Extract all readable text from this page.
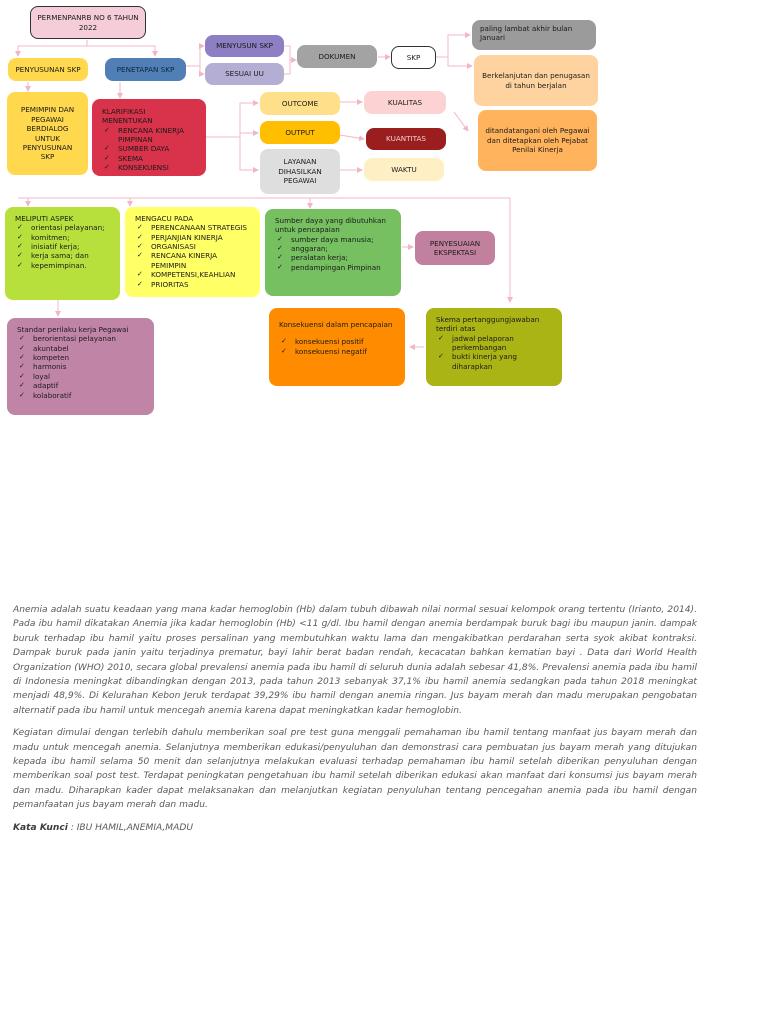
PERMENPANRB NO 6 TAHUN 2022
PENYUSUNAN SKP	PENETAPAN SKP
MENYUSUN SKP
SESUAI UU
DOKUMEN	SKP
paling lambat akhir bulan Januari
Berkelanjutan dan penugasan di tahun berjalan
PEMIMPIN DAN PEGAWAI BERDIALOG UNTUK PENYUSUNAN SKP
KLARIFIKASI MENENTUKAN
✓ RENCANA KINERJA PIMPINAN
✓ SUMBER DAYA
✓ SKEMA
✓ KONSEKUENSI
OUTCOME
OUTPUT
LAYANAN DIHASILKAN PEGAWAI
KUALITAS
KUANTITAS
WAKTU
ditandatangani oleh Pegawai dan ditetapkan oleh Pejabat Penilai Kinerja
MELIPUTI ASPEK
✓ orientasi pelayanan;
✓ komitmen;
✓ inisiatif kerja;
✓ kerja sama; dan
✓ kepemimpinan.
MENGACU PADA
✓ PERENCANAAN STRATEGIS
✓ PERJANJIAN KINERJA
✓ ORGANISASI
✓ RENCANA KINERJA PEMIMPIN
✓ KOMPETENSI,KEAHLIAN
✓ PRIORITAS
Sumber daya yang dibutuhkan untuk pencapaian
✓ sumber daya manusia;
✓ anggaran;
✓ peralatan kerja;
✓ pendampingan Pimpinan
PENYESUAIAN EKSPEKTASI
Standar perilaku kerja Pegawai
✓ berorientasi pelayanan
✓ akuntabel
✓ kompeten
✓ harmonis
✓ loyal
✓ adaptif
✓ kolaboratif
Konsekuensi dalam pencapaian
✓ konsekuensi positif
✓ konsekuensi negatif
Skema pertanggungjawaban terdiri atas
✓ jadwal pelaporan perkembangan
✓ bukti kinerja yang diharapkan

Anemia adalah suatu keadaan yang mana kadar hemoglobin (Hb) dalam tubuh dibawah nilai normal sesuai kelompok orang tertentu (Irianto, 2014). Pada ibu hamil dikatakan Anemia jika kadar hemoglobin (Hb) <11 g/dl. Ibu hamil dengan anemia berdampak buruk bagi ibu maupun janin. dampak buruk terhadap ibu hamil yaitu proses persalinan yang membutuhkan waktu lama dan mengakibatkan perdarahan serta syok akibat kontraksi. Dampak buruk pada janin yaitu terjadinya prematur, bayi lahir berat badan rendah, kecacatan bahkan kematian bayi . Data dari World Health Organization (WHO) 2010, secara global prevalensi anemia pada ibu hamil di seluruh dunia adalah sebesar 41,8%. Prevalensi anemia pada ibu hamil di Indonesia meningkat dibandingkan dengan 2013, pada tahun 2013 sebanyak 37,1% ibu hamil anemia sedangkan pada tahun 2018 meningkat menjadi 48,9%. Di Kelurahan Kebon Jeruk terdapat 39,29% ibu hamil dengan anemia ringan. Jus bayam merah dan madu merupakan pengobatan alternatif pada ibu hamil untuk mencegah anemia karena dapat meningkatkan kadar hemoglobin.

Kegiatan dimulai dengan terlebih dahulu memberikan soal pre test guna menggali pemahaman ibu hamil tentang manfaat jus bayam merah dan madu untuk mencegah anemia. Selanjutnya memberikan edukasi/penyuluhan dan demonstrasi cara pembuatan jus bayam merah yang ditujukan kepada ibu hamil selama 50 menit dan selanjutnya melakukan evaluasi terhadap pemahaman ibu hamil setelah diberikan penyuluhan dengan memberikan soal post test. Terdapat peningkatan pengetahuan ibu hamil setelah diberikan edukasi akan manfaat dari konsumsi jus bayam merah dan madu. Diharapkan kader dapat melaksanakan dan melanjutkan kegiatan penyuluhan tentang pencegahan anemia pada ibu hamil dengan pemanfaatan jus bayam merah dan madu.

Kata Kunci : IBU HAMIL,ANEMIA,MADU
